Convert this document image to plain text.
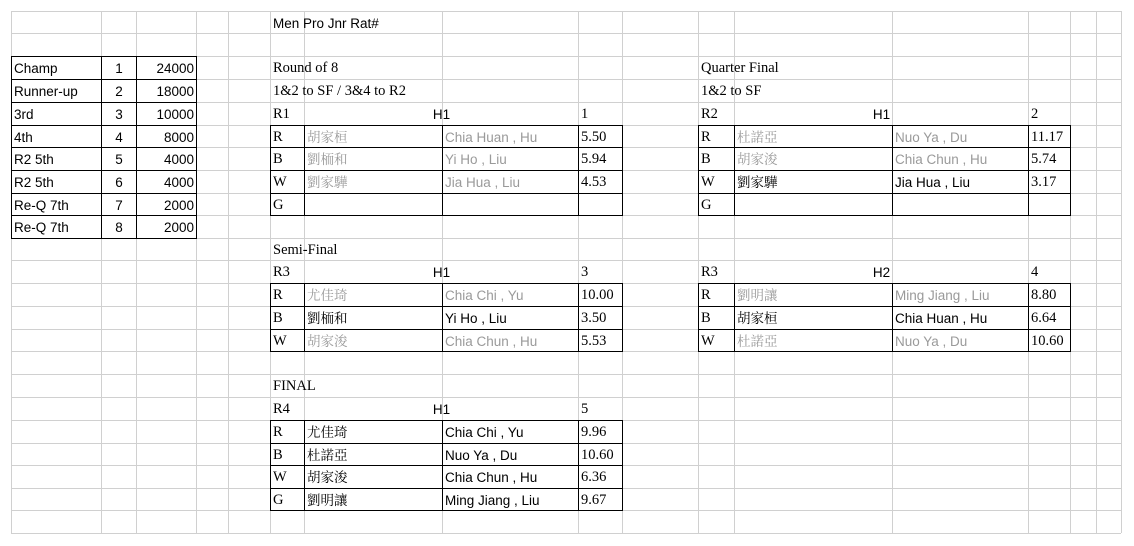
Men Pro Jnr Rat#
Champ	1	24000
Runner-up	2	18000
3rd	3	10000
4th	4	8000
R2 5th	5	4000
R2 5th	6	4000
Re-Q 7th	7	2000
Re-Q 7th	8	2000
Round of 8
1&2 to SF / 3&4 to R2
Quarter Final
1&2 to SF
Semi-Final
FINAL
R1	H1	1
R	胡家桓	Chia Huan , Hu	5.50
B	劉栭和	Yi Ho , Liu	5.94
W	劉家驊	Jia Hua , Liu	4.53
G
R2	H1	2
R	杜諾亞	Nuo Ya , Du	11.17
B	胡家浚	Chia Chun , Hu	5.74
W	劉家驊	Jia Hua , Liu	3.17
G
R3	H1	3
R	尤佳琦	Chia Chi , Yu	10.00
B	劉栭和	Yi Ho , Liu	3.50
W	胡家浚	Chia Chun , Hu	5.53
R3	H2	4
R	劉明讓	Ming Jiang , Liu	8.80
B	胡家桓	Chia Huan , Hu	6.64
W	杜諾亞	Nuo Ya , Du	10.60
R4	H1	5
R	尤佳琦	Chia Chi , Yu	9.96
B	杜諾亞	Nuo Ya , Du	10.60
W	胡家浚	Chia Chun , Hu	6.36
G	劉明讓	Ming Jiang , Liu	9.67
